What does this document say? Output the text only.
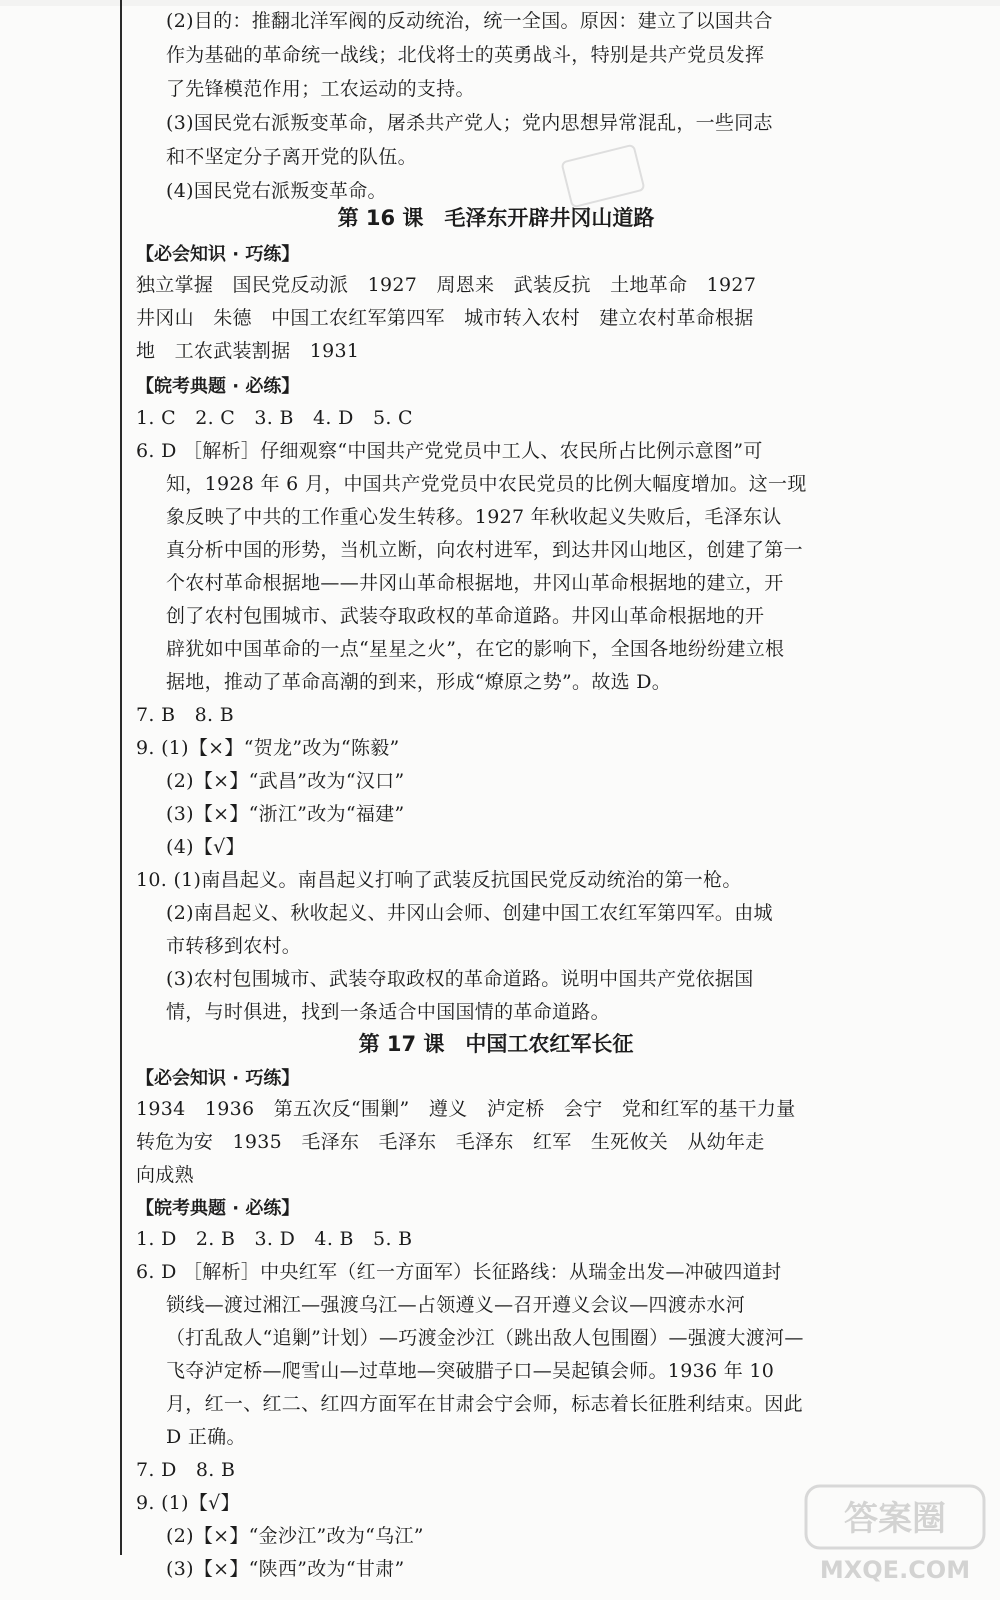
(2)目的：推翻北洋军阀的反动统治，统一全国。原因：建立了以国共合
作为基础的革命统一战线；北伐将士的英勇战斗，特别是共产党员发挥
了先锋模范作用；工农运动的支持。
(3)国民党右派叛变革命，屠杀共产党人；党内思想异常混乱，一些同志
和不坚定分子离开党的队伍。
(4)国民党右派叛变革命。
第 16 课　毛泽东开辟井冈山道路
【必会知识 · 巧练】
独立掌握　国民党反动派　1927　周恩来　武装反抗　土地革命　1927
井冈山　朱德　中国工农红军第四军　城市转入农村　建立农村革命根据
地　工农武装割据　1931
【皖考典题 · 必练】
1. C　2. C　3. B　4. D　5. C
6. D ［解析］仔细观察“中国共产党党员中工人、农民所占比例示意图”可
知，1928 年 6 月，中国共产党党员中农民党员的比例大幅度增加。这一现
象反映了中共的工作重心发生转移。1927 年秋收起义失败后，毛泽东认
真分析中国的形势，当机立断，向农村进军，到达井冈山地区，创建了第一
个农村革命根据地——井冈山革命根据地，井冈山革命根据地的建立，开
创了农村包围城市、武装夺取政权的革命道路。井冈山革命根据地的开
辟犹如中国革命的一点“星星之火”，在它的影响下，全国各地纷纷建立根
据地，推动了革命高潮的到来，形成“燎原之势”。故选 D。
7. B　8. B
9. (1)【×】“贺龙”改为“陈毅”
(2)【×】“武昌”改为“汉口”
(3)【×】“浙江”改为“福建”
(4)【√】
10. (1)南昌起义。南昌起义打响了武装反抗国民党反动统治的第一枪。
(2)南昌起义、秋收起义、井冈山会师、创建中国工农红军第四军。由城
市转移到农村。
(3)农村包围城市、武装夺取政权的革命道路。说明中国共产党依据国
情，与时俱进，找到一条适合中国国情的革命道路。
第 17 课　中国工农红军长征
【必会知识 · 巧练】
1934　1936　第五次反“围剿”　遵义　泸定桥　会宁　党和红军的基干力量
转危为安　1935　毛泽东　毛泽东　毛泽东　红军　生死攸关　从幼年走
向成熟
【皖考典题 · 必练】
1. D　2. B　3. D　4. B　5. B
6. D ［解析］中央红军（红一方面军）长征路线：从瑞金出发—冲破四道封
锁线—渡过湘江—强渡乌江—占领遵义—召开遵义会议—四渡赤水河
（打乱敌人“追剿”计划）—巧渡金沙江（跳出敌人包围圈）—强渡大渡河—
飞夺泸定桥—爬雪山—过草地—突破腊子口—吴起镇会师。1936 年 10
月，红一、红二、红四方面军在甘肃会宁会师，标志着长征胜利结束。因此
D 正确。
7. D　8. B
9. (1)【√】
(2)【×】“金沙江”改为“乌江”
(3)【×】“陕西”改为“甘肃”
答案圈
MXQE.COM
